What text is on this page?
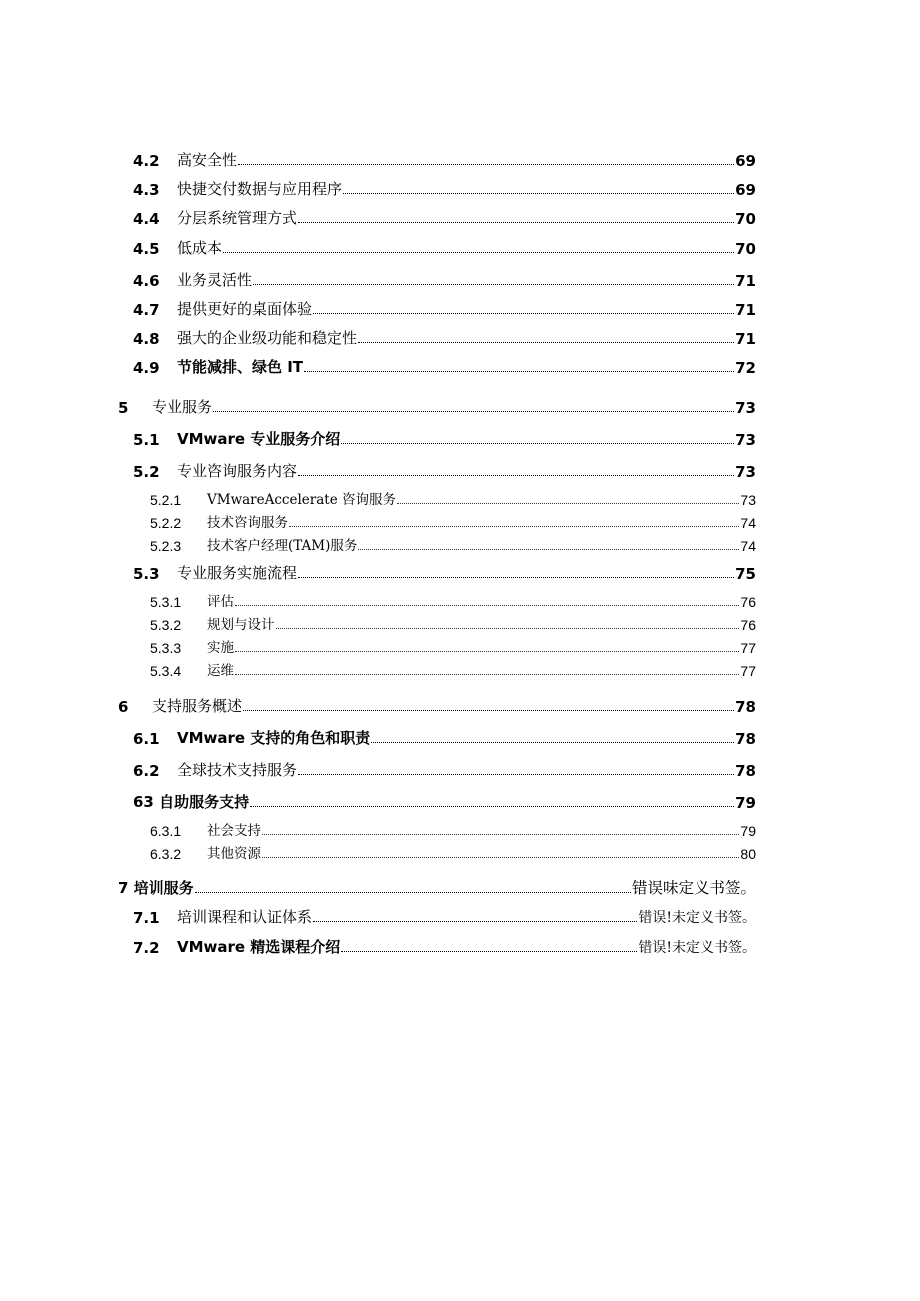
4.2	高安全性	69
4.3	快捷交付数据与应用程序	69
4.4	分层系统管理方式	70
4.5	低成本	70
4.6	业务灵活性	71
4.7	提供更好的桌面体验	71
4.8	强大的企业级功能和稳定性	71
4.9	节能减排、绿色 IT	72
5	专业服务	73
5.1	VMware 专业服务介绍	73
5.2	专业咨询服务内容	73
5.2.1	VMwareAccelerate 咨询服务	73
5.2.2	技术咨询服务	74
5.2.3	技术客户经理(TAM)服务	74
5.3	专业服务实施流程	75
5.3.1	评估	76
5.3.2	规划与设计	76
5.3.3	实施	77
5.3.4	运维	77
6	支持服务概述	78
6.1	VMware 支持的角色和职责	78
6.2	全球技术支持服务	78
63 自助服务支持	79
6.3.1	社会支持	79
6.3.2	其他资源	80
7 培训服务	错误味定义书签。
7.1	培训课程和认证体系	错误!未定义书签。
7.2	VMware 精选课程介绍	错误!未定义书签。
